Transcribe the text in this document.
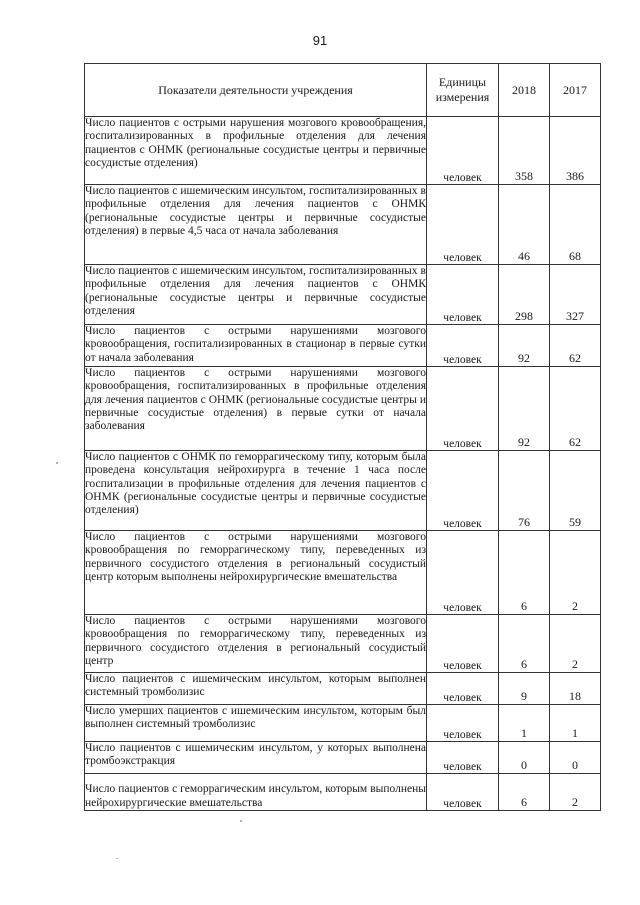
91
Показатели деятельности учреждения	Единицы измерения	2018	2017
Число пациентов с острыми нарушения мозгового кровообращения, госпитализированных в профильные отделения для лечения пациентов с ОНМК (региональные сосудистые центры и первичные сосудистые отделения)	человек	358	386
Число пациентов с ишемическим инсультом, госпитализированных в профильные отделения для лечения пациентов с ОНМК (региональные сосудистые центры и первичные сосудистые отделения) в первые 4,5 часа от начала заболевания	человек	46	68
Число пациентов с ишемическим инсультом, госпитализированных в профильные отделения для лечения пациентов с ОНМК (региональные сосудистые центры и первичные сосудистые отделения	человек	298	327
Число пациентов с острыми нарушениями мозгового кровообращения, госпитализированных в стационар в первые сутки от начала заболевания	человек	92	62
Число пациентов с острыми нарушениями мозгового кровообращения, госпитализированных в профильные отделения для лечения пациентов с ОНМК (региональные сосудистые центры и первичные сосудистые отделения) в первые сутки от начала заболевания	человек	92	62
Число пациентов с ОНМК по геморрагическому типу, которым была проведена консультация нейрохирурга в течение 1 часа после госпитализации в профильные отделения для лечения пациентов с ОНМК (региональные сосудистые центры и первичные сосудистые отделения)	человек	76	59
Число пациентов с острыми нарушениями мозгового кровообращения по геморрагическому типу, переведенных из первичного сосудистого отделения в региональный сосудистый центр которым выполнены нейрохирургические вмешательства	человек	6	2
Число пациентов с острыми нарушениями мозгового кровообращения по геморрагическому типу, переведенных из первичного сосудистого отделения в региональный сосудистый центр	человек	6	2
Число пациентов с ишемическим инсультом, которым выполнен системный тромболизис	человек	9	18
Число умерших пациентов с ишемическим инсультом, которым был выполнен системный тромболизис	человек	1	1
Число пациентов с ишемическим инсультом, у которых выполнена тромбоэкстракция	человек	0	0
Число пациентов с геморрагическим инсультом, которым выполнены нейрохирургические вмешательства	человек	6	2
